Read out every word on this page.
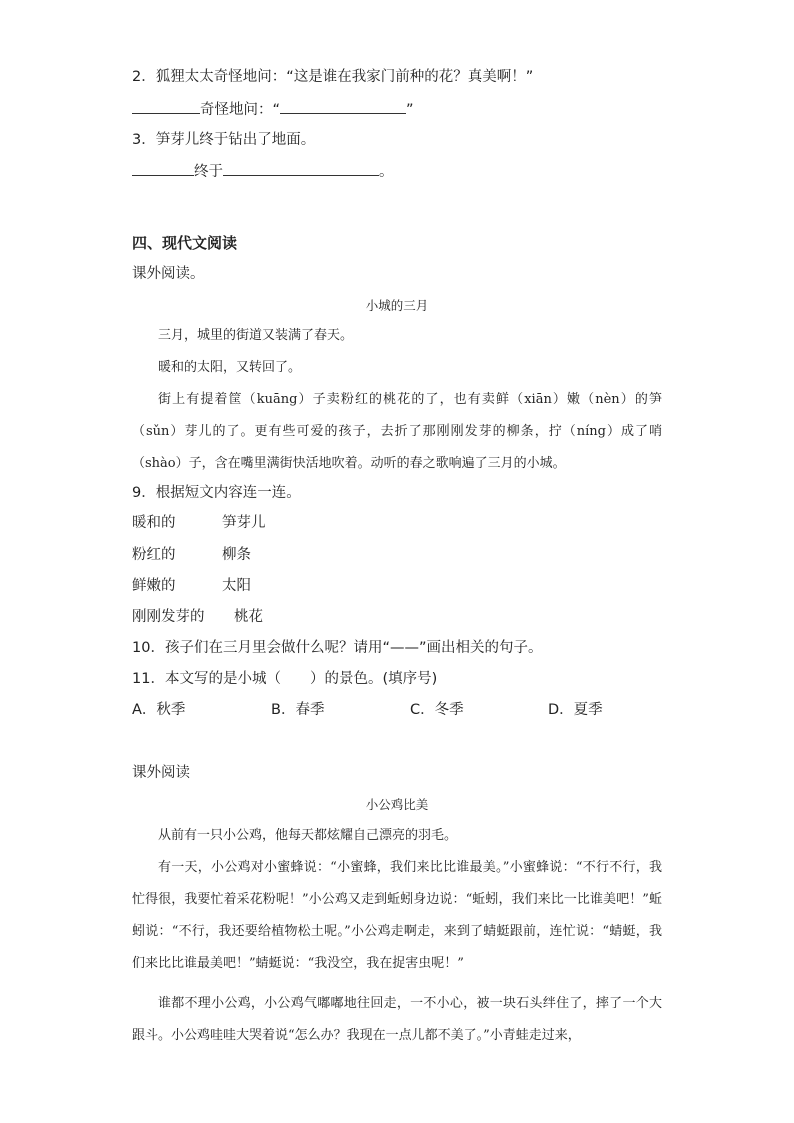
2．狐狸太太奇怪地问：“这是谁在我家门前种的花？真美啊！”
奇怪地问：“	”
3．笋芽儿终于钻出了地面。
终于	。
四、现代文阅读
课外阅读。
小城的三月
三月，城里的街道又装满了春天。
暖和的太阳，又转回了。
街上有提着筐（kuāng）子卖粉红的桃花的了，也有卖鲜（xiān）嫩（nèn）的笋（sǔn）芽儿的了。更有些可爱的孩子，去折了那刚刚发芽的柳条，拧（níng）成了哨（shào）子，含在嘴里满街快活地吹着。动听的春之歌响遍了三月的小城。
9．根据短文内容连一连。
暖和的	笋芽儿
粉红的	柳条
鲜嫩的	太阳
刚刚发芽的 桃花
10．孩子们在三月里会做什么呢？请用“——”画出相关的句子。
11．本文写的是小城（　　）的景色。(填序号)
A．秋季	B．春季	C．冬季	D．夏季
课外阅读
小公鸡比美
从前有一只小公鸡，他每天都炫耀自己漂亮的羽毛。
有一天，小公鸡对小蜜蜂说：“小蜜蜂，我们来比比谁最美。”小蜜蜂说：“不行不行，我忙得很，我要忙着采花粉呢！”小公鸡又走到蚯蚓身边说：“蚯蚓，我们来比一比谁美吧！”蚯蚓说：“不行，我还要给植物松土呢。”小公鸡走啊走，来到了蜻蜓跟前，连忙说：“蜻蜓，我们来比比谁最美吧！”蜻蜓说：“我没空，我在捉害虫呢！”
谁都不理小公鸡，小公鸡气嘟嘟地往回走，一不小心，被一块石头绊住了，摔了一个大跟斗。小公鸡哇哇大哭着说“怎么办？我现在一点儿都不美了。”小青蛙走过来，
